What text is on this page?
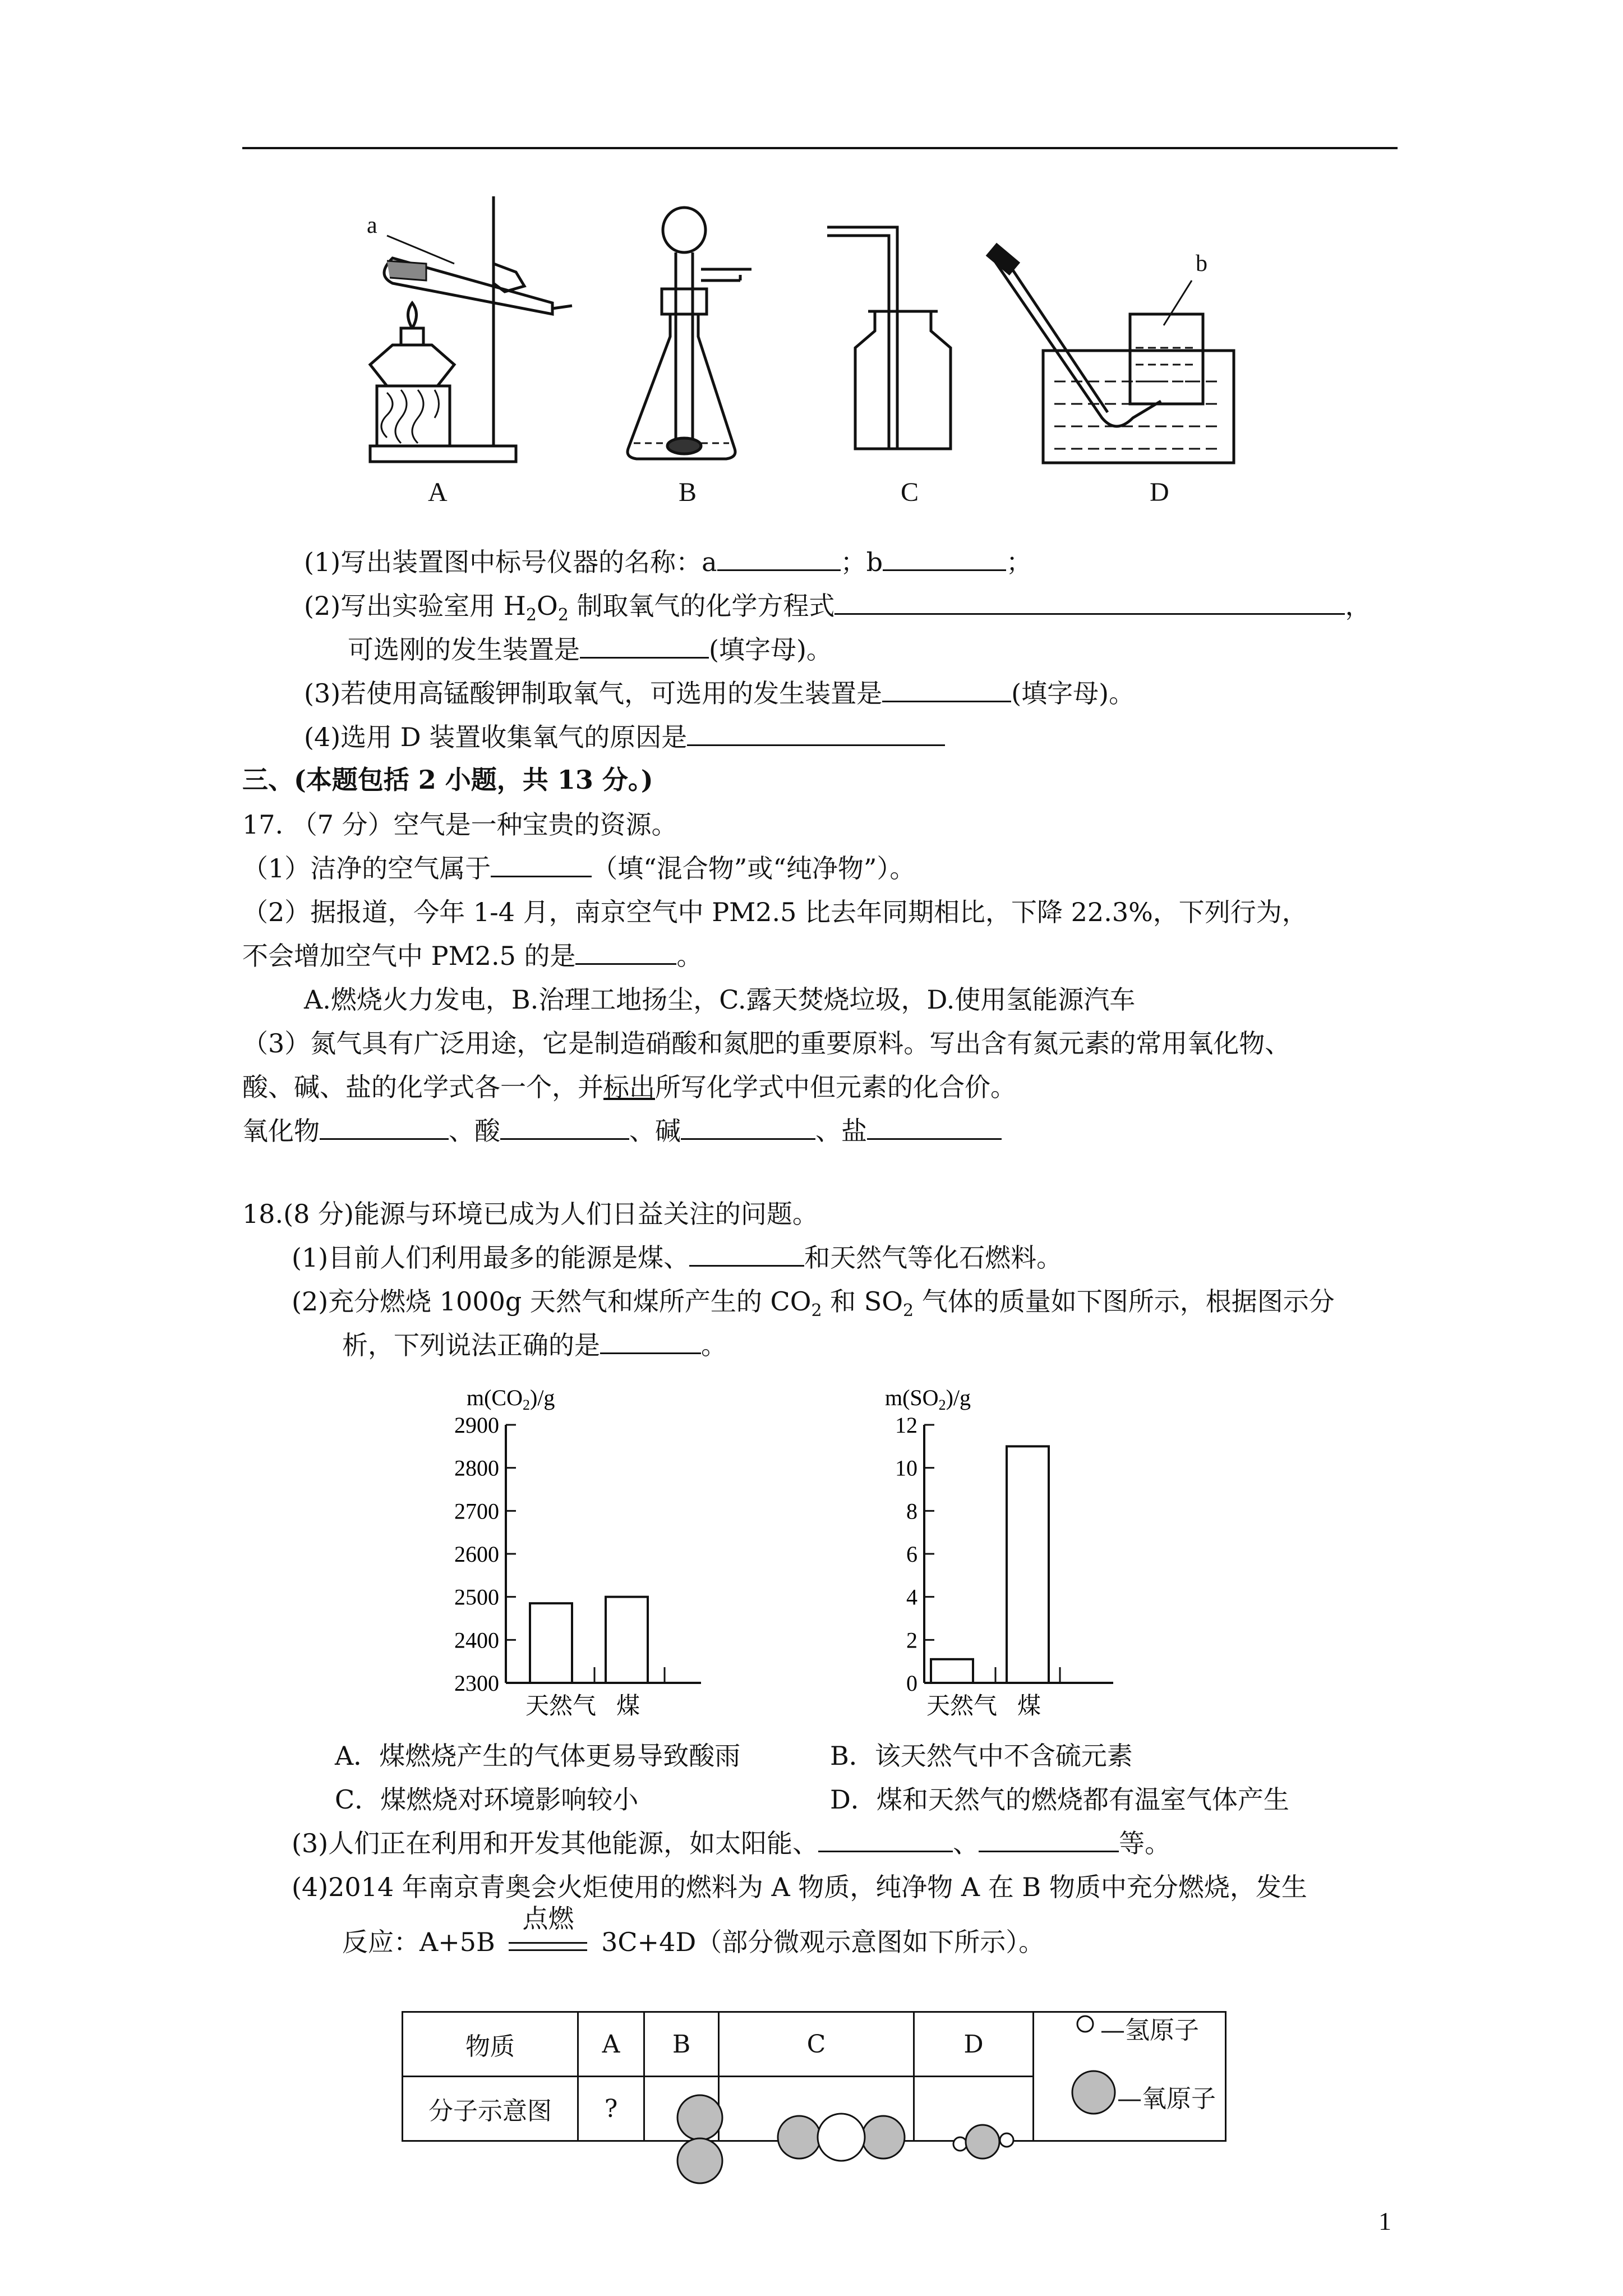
a
b
A	B	C	D
(1)写出装置图中标号仪器的名称：a	；b	；
(2)写出实验室用 $H_2O_2$ 制取氧气的化学方程式	，
可选刚的发生装置是	(填字母)。
(3)若使用高锰酸钾制取氧气，可选用的发生装置是	(填字母)。
(4)选用 D 装置收集氧气的原因是
三、(本题包括 2 小题，共 13 分。)
17. （7 分）空气是一种宝贵的资源。
（1）洁净的空气属于	（填“混合物”或“纯净物”）。
（2）据报道，今年 1-4 月，南京空气中 PM2.5 比去年同期相比，下降 22.3%，下列行为，
不会增加空气中 PM2.5 的是	。
A.燃烧火力发电，B.治理工地扬尘，C.露天焚烧垃圾，D.使用氢能源汽车
（3）氮气具有广泛用途，它是制造硝酸和氮肥的重要原料。写出含有氮元素的常用氧化物、
酸、碱、盐的化学式各一个，并标出所写化学式中但元素的化合价。
氧化物	、酸	、碱	、盐
18.(8 分)能源与环境已成为人们日益关注的问题。
(1)目前人们利用最多的能源是煤、	和天然气等化石燃料。
(2)充分燃烧 1000g 天然气和煤所产生的 $CO_2$ 和 $SO_2$ 气体的质量如下图所示，根据图示分
析，下列说法正确的是	。
$m(CO_2)/g$
2300
2400
2500
2600
2700
2800
2900
天然气 煤
$m(SO_2)/g$
0
2
4
6
8
10
12
天然气 煤
A．煤燃烧产生的气体更易导致酸雨	B．该天然气中不含硫元素
C．煤燃烧对环境影响较小	D．煤和天然气的燃烧都有温室气体产生
(3)人们正在利用和开发其他能源，如太阳能、	、	等。
(4)2014 年南京青奥会火炬使用的燃料为 A 物质，纯净物 A 在 B 物质中充分燃烧，发生
反应：A+5B
点燃
3C+4D（部分微观示意图如下所示）。
物质	A	B	C	D	
分子示意图	?				
—氢原子
—氧原子
1
